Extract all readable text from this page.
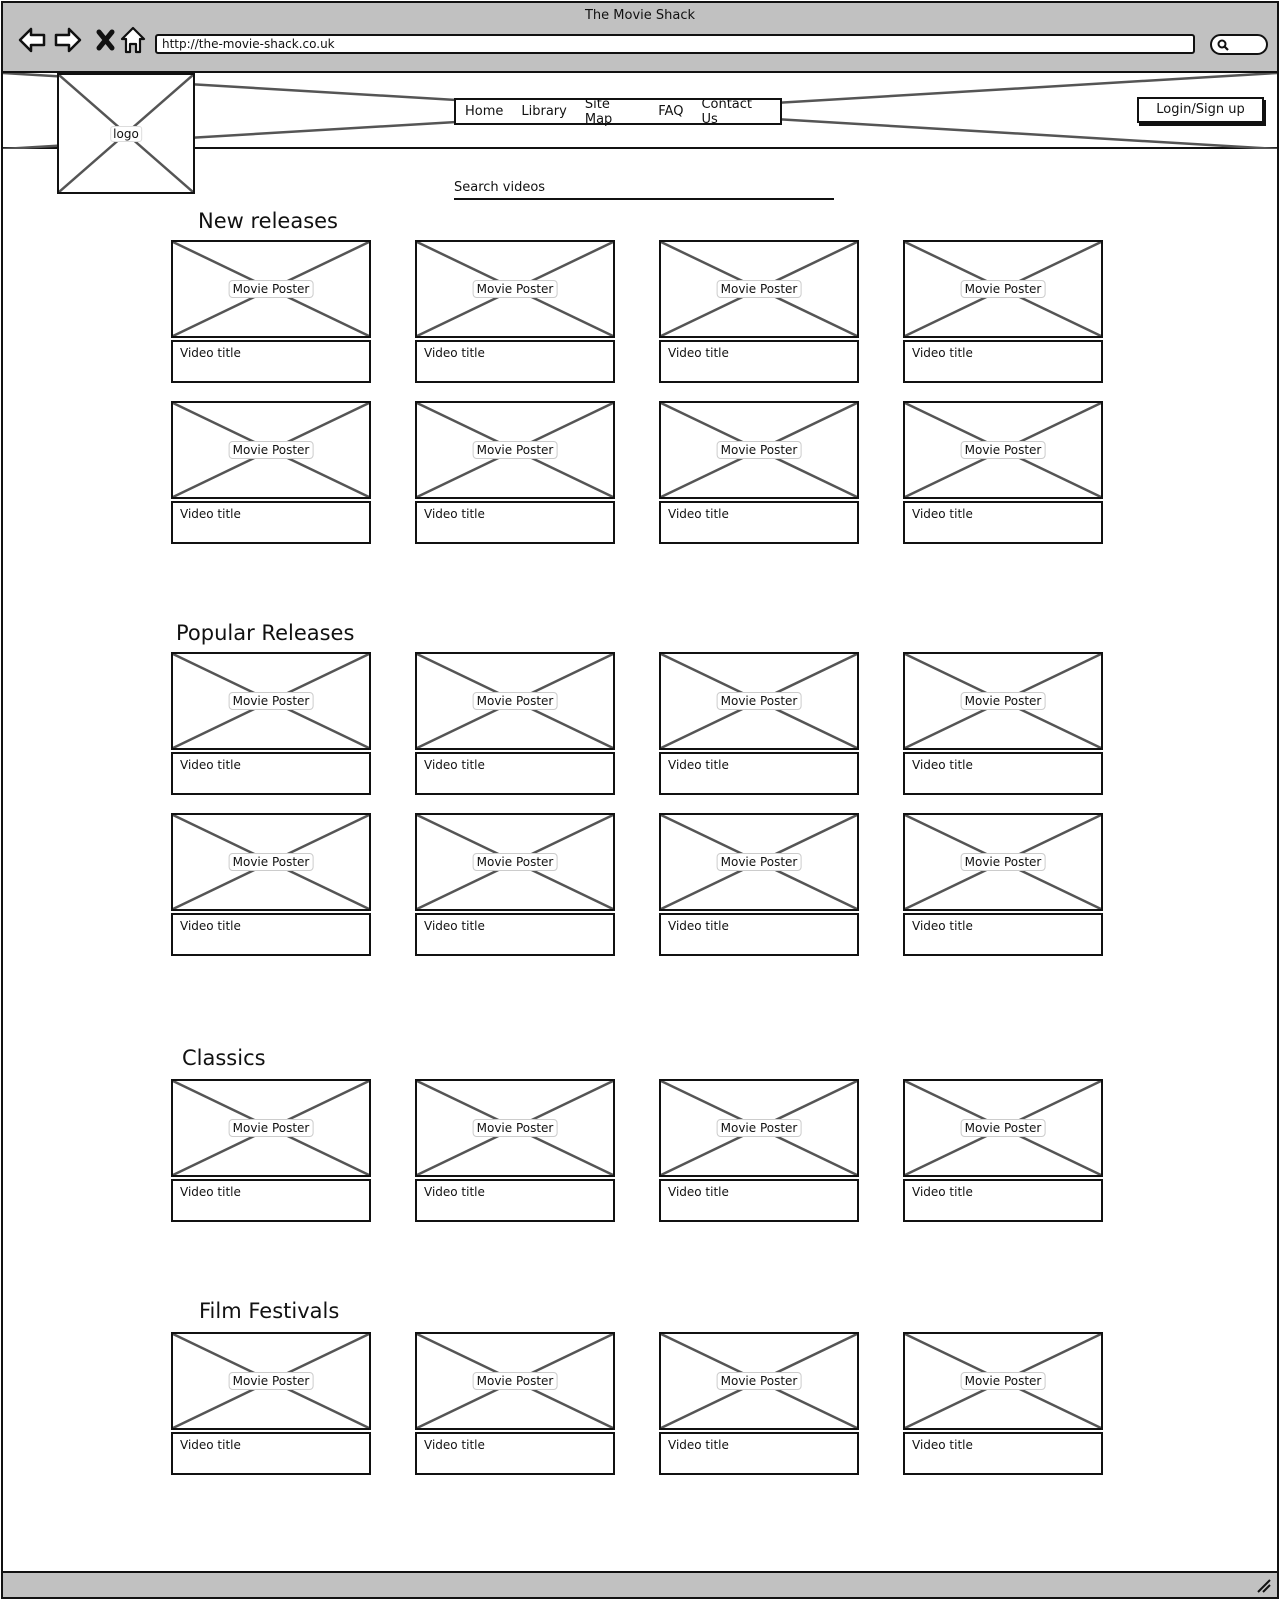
The Movie Shack
http://the-movie-shack.co.uk
logo
Home Library Site Map	FAQ Contact Us
Login/Sign up
Search videos
New releases
Popular Releases
Classics
Film Festivals
Movie Poster
Video title
Movie Poster
Video title
Movie Poster
Video title
Movie Poster
Video title
Movie Poster
Video title
Movie Poster
Video title
Movie Poster
Video title
Movie Poster
Video title
Movie Poster
Video title
Movie Poster
Video title
Movie Poster
Video title
Movie Poster
Video title
Movie Poster
Video title
Movie Poster
Video title
Movie Poster
Video title
Movie Poster
Video title
Movie Poster
Video title
Movie Poster
Video title
Movie Poster
Video title
Movie Poster
Video title
Movie Poster
Video title
Movie Poster
Video title
Movie Poster
Video title
Movie Poster
Video title
